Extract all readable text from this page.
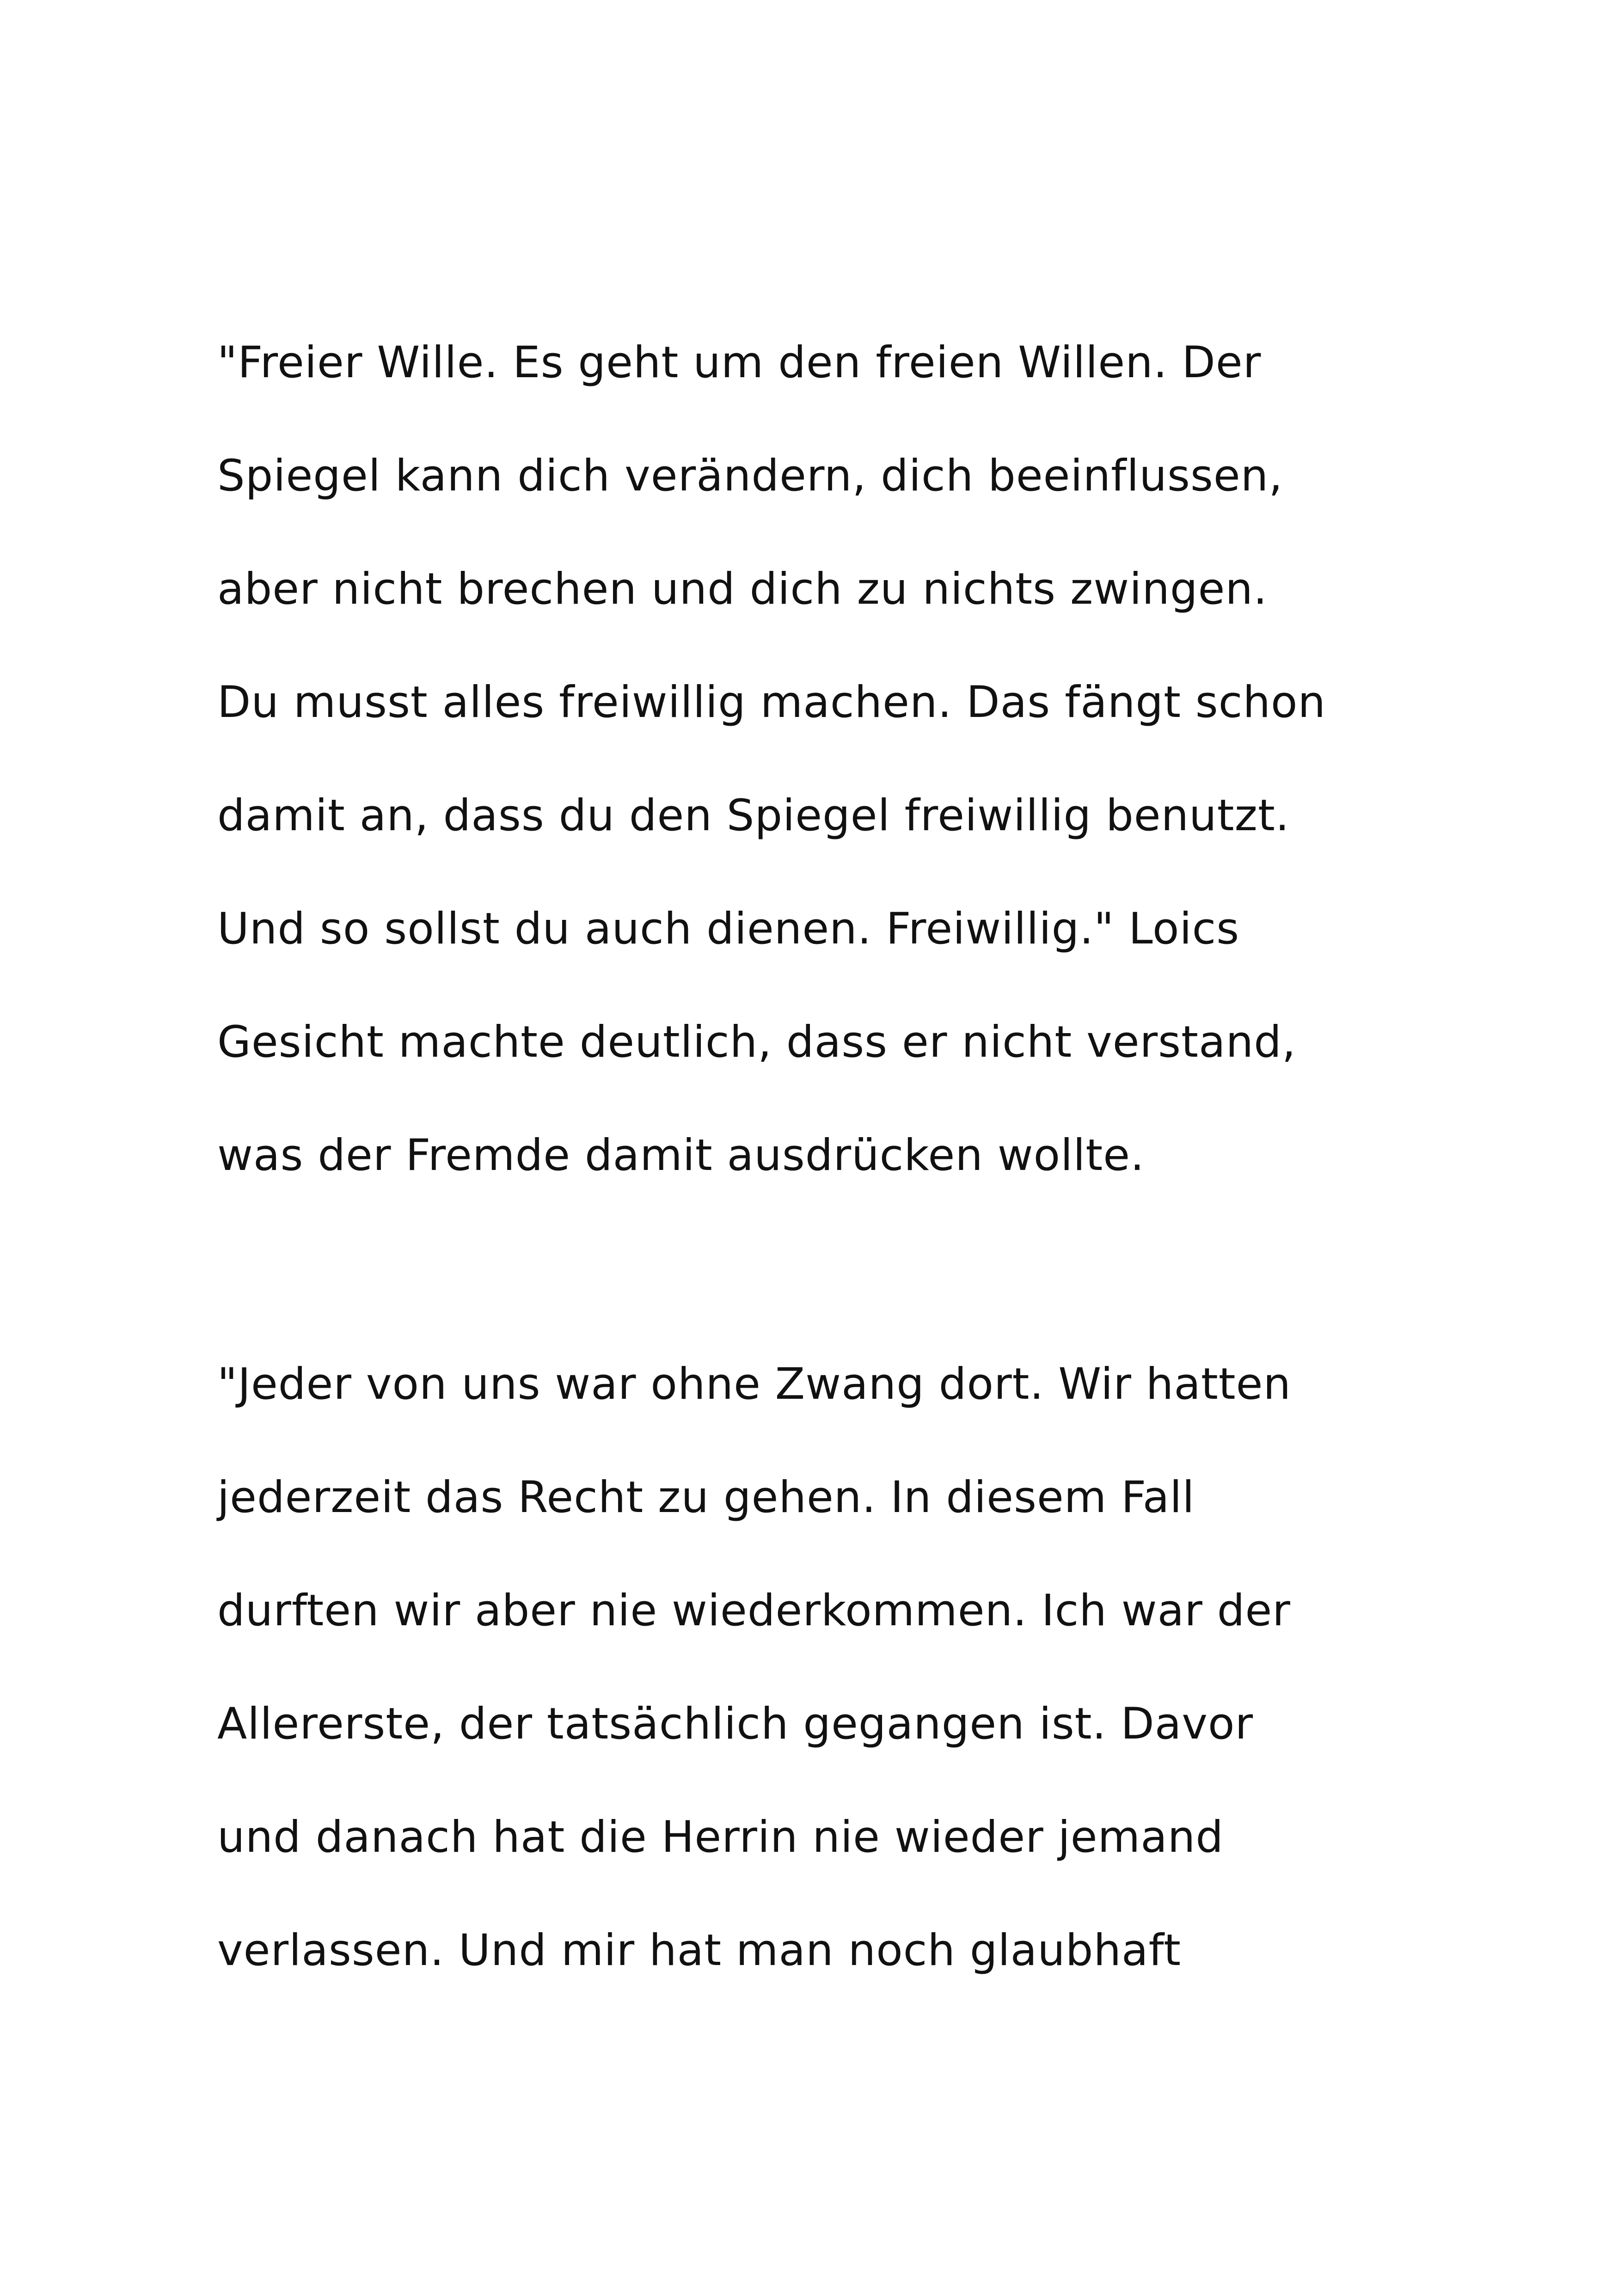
"Freier Wille. Es geht um den freien Willen. Der
Spiegel kann dich verändern, dich beeinflussen,
aber nicht brechen und dich zu nichts zwingen.
Du musst alles freiwillig machen. Das fängt schon
damit an, dass du den Spiegel freiwillig benutzt.
Und so sollst du auch dienen. Freiwillig." Loics
Gesicht machte deutlich, dass er nicht verstand,
was der Fremde damit ausdrücken wollte.
"Jeder von uns war ohne Zwang dort. Wir hatten
jederzeit das Recht zu gehen. In diesem Fall
durften wir aber nie wiederkommen. Ich war der
Allererste, der tatsächlich gegangen ist. Davor
und danach hat die Herrin nie wieder jemand
verlassen. Und mir hat man noch glaubhaft
